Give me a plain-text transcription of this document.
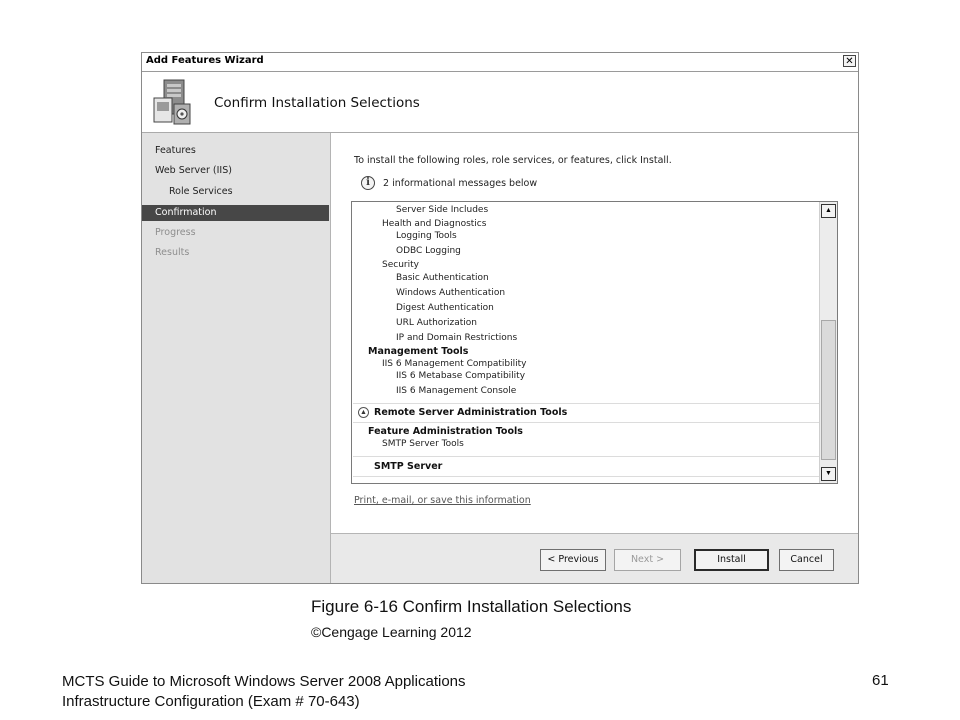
Add Features Wizard	✕
Confirm Installation Selections
Features
Web Server (IIS)
Role Services
Confirmation
Progress
Results
To install the following roles, role services, or features, click Install.
i	2 informational messages below
Server Side Includes
Health and Diagnostics
Logging Tools
ODBC Logging
Security
Basic Authentication
Windows Authentication
Digest Authentication
URL Authorization
IP and Domain Restrictions
Management Tools
IIS 6 Management Compatibility
IIS 6 Metabase Compatibility
IIS 6 Management Console
▲ Remote Server Administration Tools
Feature Administration Tools
SMTP Server Tools
SMTP Server
▲
▼
Print, e-mail, or save this information
< Previous	Next >	Install	Cancel
Figure 6-16 Confirm Installation Selections
©Cengage Learning 2012
MCTS Guide to Microsoft Windows Server 2008 Applications
Infrastructure Configuration (Exam # 70-643)
61
